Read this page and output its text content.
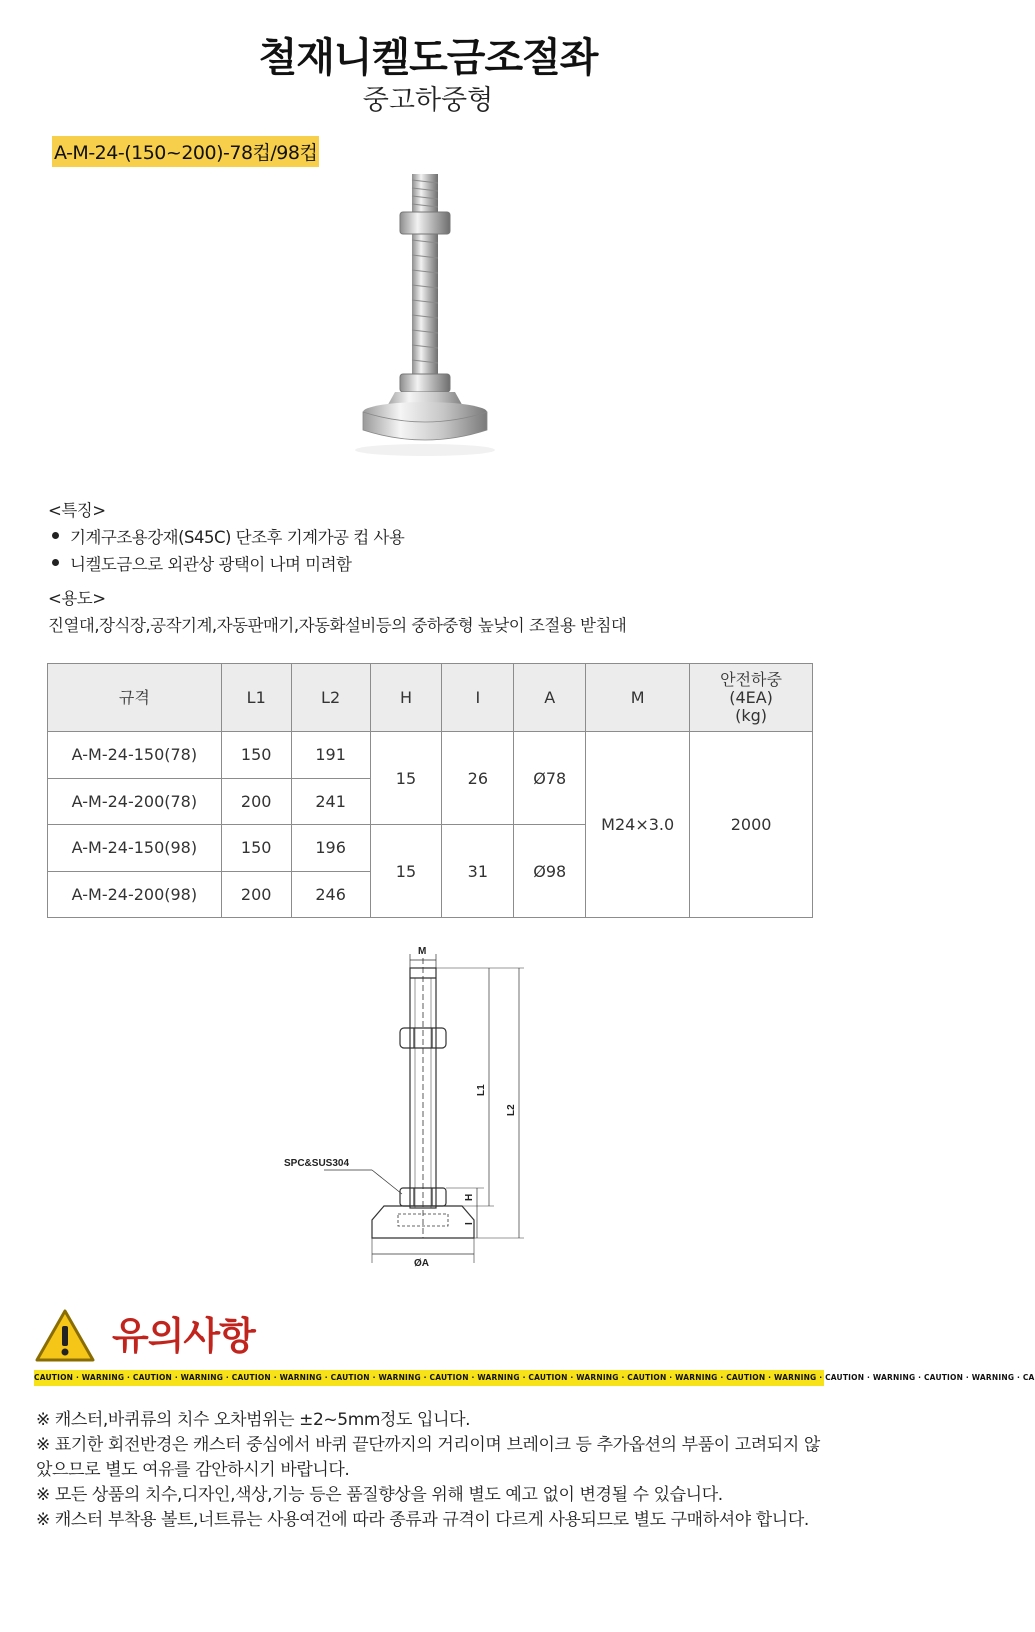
철재니켈도금조절좌
중고하중형
A-M-24-(150~200)-78컵/98컵
<특징>
기계구조용강재(S45C) 단조후 기계가공 컵 사용
니켈도금으로 외관상 광택이 나며 미려함
<용도>
진열대,장식장,공작기계,자동판매기,자동화설비등의 중하중형 높낮이 조절용 받침대
규격	L1	L2	H	I	A	M	안전하중
(4EA)
(kg)

A-M-24-150(78)	150	191	15	26	Ø78	M24×3.0	2000
A-M-24-200(78)	200	241					
A-M-24-150(98)	150	196	15	31	Ø98		
A-M-24-200(98)	200	246					
M
L1
L2
H
I
ØA
SPC&SUS304
유의사항
CAUTION · WARNING · CAUTION · WARNING · CAUTION · WARNING · CAUTION · WARNING · CAUTION · WARNING · CAUTION · WARNING · CAUTION · WARNING · CAUTION · WARNING · CAUTION · WARNING · CAUTION · WARNING · CA
※ 캐스터,바퀴류의 치수 오차범위는 ±2~5mm정도 입니다.
※ 표기한 회전반경은 캐스터 중심에서 바퀴 끝단까지의 거리이며 브레이크 등 추가옵션의 부품이 고려되지 않았으므로 별도 여유를 감안하시기 바랍니다.
※ 모든 상품의 치수,디자인,색상,기능 등은 품질향상을 위해 별도 예고 없이 변경될 수 있습니다.
※ 캐스터 부착용 볼트,너트류는 사용여건에 따라 종류과 규격이 다르게 사용되므로 별도 구매하셔야 합니다.
